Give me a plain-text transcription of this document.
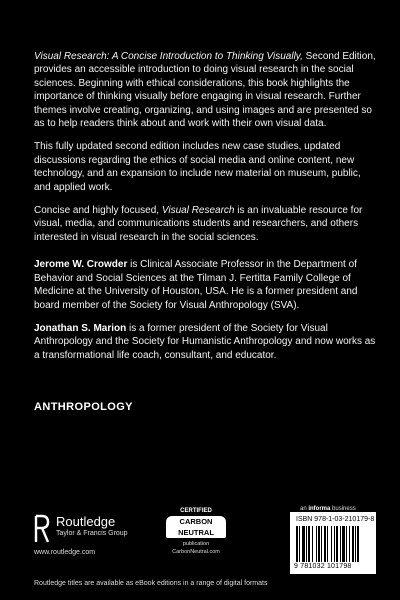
Visual Research: A Concise Introduction to Thinking Visually, Second Edition, provides an accessible introduction to doing visual research in the social sciences. Beginning with ethical considerations, this book highlights the importance of thinking visually before engaging in visual research. Further themes involve creating, organizing, and using images and are presented so as to help readers think about and work with their own visual data.

This fully updated second edition includes new case studies, updated discussions regarding the ethics of social media and online content, new technology, and an expansion to include new material on museum, public, and applied work.

Concise and highly focused, Visual Research is an invaluable resource for visual, media, and communications students and researchers, and others interested in visual research in the social sciences.

Jerome W. Crowder is Clinical Associate Professor in the Department of Behavior and Social Sciences at the Tilman J. Fertitta Family College of Medicine at the University of Houston, USA. He is a former president and board member of the Society for Visual Anthropology (SVA).

Jonathan S. Marion is a former president of the Society for Visual Anthropology and the Society for Humanistic Anthropology and now works as a transformational life coach, consultant, and educator.

ANTHROPOLOGY
Routledge
Taylor & Francis Group
www.routledge.com
CERTIFIED
CARBON
NEUTRAL
publication
CarbonNeutral.com
an informa business
ISBN 978-1-03-210179-8
9 781032 101798
Routledge titles are available as eBook editions in a range of digital formats
